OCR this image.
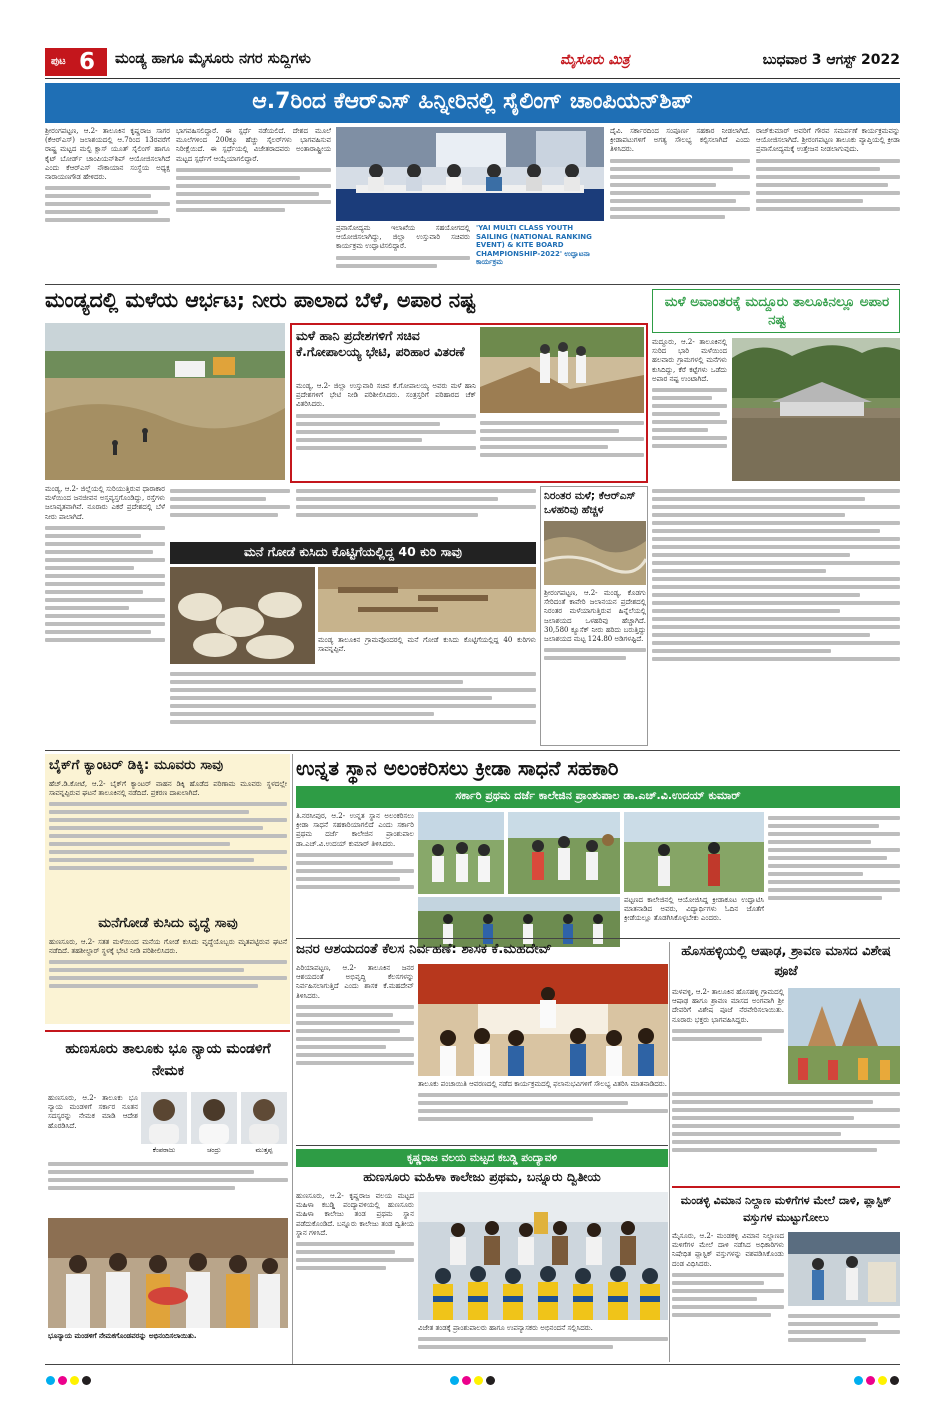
ಪುಟ 6 ಮಂಡ್ಯ ಹಾಗೂ ಮೈಸೂರು ನಗರ ಸುದ್ದಿಗಳು	ಮೈಸೂರು ಮಿತ್ರ	ಬುಧವಾರ 3 ಆಗಸ್ಟ್ 2022
ಆ.7ರಿಂದ ಕೆಆರ್‌ಎಸ್ ಹಿನ್ನೀರಿನಲ್ಲಿ ಸೈಲಿಂಗ್ ಚಾಂಪಿಯನ್‌ಶಿಪ್
ಶ್ರೀರಂಗಪಟ್ಟಣ, ಆ.2- ತಾಲೂಕಿನ ಕೃಷ್ಣರಾಜ ಸಾಗರ (ಕೆಆರ್‌ಎಸ್) ಜಲಾಶಯದಲ್ಲಿ ಆ.7ರಿಂದ 13ರವರೆಗೆ ರಾಷ್ಟ್ರ ಮಟ್ಟದ ಮಲ್ಟಿ ಕ್ಲಾಸ್ ಯೂತ್ ಸೈಲಿಂಗ್ ಹಾಗೂ ಕೈಟ್ ಬೋರ್ಡ್ ಚಾಂಪಿಯನ್‌ಶಿಪ್ ಆಯೋಜಿಸಲಾಗಿದೆ ಎಂದು ಕೆಆರ್‌ಎಸ್ ನೌಕಾಯಾನ ಸಂಸ್ಥೆಯ ಅಧ್ಯಕ್ಷ ನಾರಾಯಣಗೌಡ ಹೇಳಿದರು.
ಭಾಗವಹಿಸಲಿದ್ದಾರೆ. ಈ ಸ್ಪರ್ಧೆ ನಡೆಯಲಿದೆ. ದೇಶದ ಮೂಲೆ ಮೂಲೆಗಳಿಂದ 200ಕ್ಕೂ ಹೆಚ್ಚು ಸೈಲರ್‌ಗಳು ಭಾಗವಹಿಸುವ ನಿರೀಕ್ಷೆಯಿದೆ. ಈ ಸ್ಪರ್ಧೆಯಲ್ಲಿ ವಿಜೇತರಾದವರು ಅಂತಾರಾಷ್ಟ್ರೀಯ ಮಟ್ಟದ ಸ್ಪರ್ಧೆಗೆ ಆಯ್ಕೆಯಾಗಲಿದ್ದಾರೆ.
ಪ್ರವಾಸೋದ್ಯಮ ಇಲಾಖೆಯ ಸಹಯೋಗದಲ್ಲಿ ಆಯೋಜಿಸಲಾಗಿದ್ದು, ಜಿಲ್ಲಾ ಉಸ್ತುವಾರಿ ಸಚಿವರು ಕಾರ್ಯಕ್ರಮ ಉದ್ಘಾಟಿಸಲಿದ್ದಾರೆ.
'YAI MULTI CLASS YOUTH SAILING (NATIONAL RANKING EVENT) & KITE BOARD CHAMPIONSHIP-2022' ಉದ್ಘಾಟನಾ ಕಾರ್ಯಕ್ರಮ
ದೈವಿ. ಸರ್ಕಾರದಿಂದ ಸಂಪೂರ್ಣ ಸಹಕಾರ ನೀಡಲಾಗಿದೆ. ಕ್ರೀಡಾಪಟುಗಳಿಗೆ ಅಗತ್ಯ ಸೌಲಭ್ಯ ಕಲ್ಪಿಸಲಾಗಿದೆ ಎಂದು ತಿಳಿಸಿದರು.
ರಾಜ್‌ಕುಮಾರ್ ಅವರಿಗೆ ಗೌರವ ಸಮರ್ಪಣೆ ಕಾರ್ಯಕ್ರಮವನ್ನು ಆಯೋಜಿಸಲಾಗಿದೆ. ಶ್ರೀರಂಗಪಟ್ಟಣ ತಾಲೂಕು ವ್ಯಾಪ್ತಿಯಲ್ಲಿ ಕ್ರೀಡಾ ಪ್ರವಾಸೋದ್ಯಮಕ್ಕೆ ಉತ್ತೇಜನ ನೀಡಲಾಗುವುದು.
ಮಂಡ್ಯದಲ್ಲಿ ಮಳೆಯ ಆರ್ಭಟ; ನೀರು ಪಾಲಾದ ಬೆಳೆ, ಅಪಾರ ನಷ್ಟ
ಮಳೆ ಹಾನಿ ಪ್ರದೇಶಗಳಿಗೆ ಸಚಿವ ಕೆ.ಗೋಪಾಲಯ್ಯ ಭೇಟಿ, ಪರಿಹಾರ ವಿತರಣೆ
ಮಂಡ್ಯ, ಆ.2- ಜಿಲ್ಲಾ ಉಸ್ತುವಾರಿ ಸಚಿವ ಕೆ.ಗೋಪಾಲಯ್ಯ ಅವರು ಮಳೆ ಹಾನಿ ಪ್ರದೇಶಗಳಿಗೆ ಭೇಟಿ ನೀಡಿ ಪರಿಶೀಲಿಸಿದರು. ಸಂತ್ರಸ್ತರಿಗೆ ಪರಿಹಾರದ ಚೆಕ್ ವಿತರಿಸಿದರು.
ಮಳೆ ಅವಾಂತರಕ್ಕೆ ಮದ್ದೂರು ತಾಲೂಕಿನಲ್ಲೂ ಅಪಾರ ನಷ್ಟ
ಮದ್ದೂರು, ಆ.2- ತಾಲೂಕಿನಲ್ಲಿ ಸುರಿದ ಭಾರಿ ಮಳೆಯಿಂದ ಹಲವಾರು ಗ್ರಾಮಗಳಲ್ಲಿ ಮನೆಗಳು ಕುಸಿದಿದ್ದು, ಕೆರೆ ಕಟ್ಟೆಗಳು ಒಡೆದು ಅಪಾರ ನಷ್ಟ ಉಂಟಾಗಿದೆ.
ಮಂಡ್ಯ, ಆ.2- ಜಿಲ್ಲೆಯಲ್ಲಿ ಸುರಿಯುತ್ತಿರುವ ಧಾರಾಕಾರ ಮಳೆಯಿಂದ ಜನಜೀವನ ಅಸ್ತವ್ಯಸ್ತಗೊಂಡಿದ್ದು, ರಸ್ತೆಗಳು ಜಲಾವೃತವಾಗಿವೆ. ನೂರಾರು ಎಕರೆ ಪ್ರದೇಶದಲ್ಲಿ ಬೆಳೆ ನೀರು ಪಾಲಾಗಿದೆ.
ಮನೆ ಗೋಡೆ ಕುಸಿದು ಕೊಟ್ಟಿಗೆಯಲ್ಲಿದ್ದ 40 ಕುರಿ ಸಾವು
ಮಂಡ್ಯ ತಾಲೂಕಿನ ಗ್ರಾಮವೊಂದರಲ್ಲಿ ಮನೆ ಗೋಡೆ ಕುಸಿದು ಕೊಟ್ಟಿಗೆಯಲ್ಲಿದ್ದ 40 ಕುರಿಗಳು ಸಾವನ್ನಪ್ಪಿವೆ.
ನಿರಂತರ ಮಳೆ; ಕೆಆರ್‌ಎಸ್ ಒಳಹರಿವು ಹೆಚ್ಚಳ
ಶ್ರೀರಂಗಪಟ್ಟಣ, ಆ.2- ಮಂಡ್ಯ, ಕೊಡಗು ಸೇರಿದಂತೆ ಕಾವೇರಿ ಜಲಾನಯನ ಪ್ರದೇಶದಲ್ಲಿ ನಿರಂತರ ಮಳೆಯಾಗುತ್ತಿರುವ ಹಿನ್ನೆಲೆಯಲ್ಲಿ ಜಲಾಶಯದ ಒಳಹರಿವು ಹೆಚ್ಚಾಗಿದೆ. 30,580 ಕ್ಯೂಸೆಕ್ ನೀರು ಹರಿದು ಬರುತ್ತಿದ್ದು ಜಲಾಶಯದ ಮಟ್ಟ 124.80 ಅಡಿಗಳಷ್ಟಿದೆ.
ಬೈಕ್‌ಗೆ ಕ್ಯಾಂಟರ್ ಡಿಕ್ಕಿ: ಮೂವರು ಸಾವು
ಹೆಚ್.ಡಿ.ಕೋಟೆ, ಆ.2- ಬೈಕ್‌ಗೆ ಕ್ಯಾಂಟರ್ ವಾಹನ ಡಿಕ್ಕಿ ಹೊಡೆದ ಪರಿಣಾಮ ಮೂವರು ಸ್ಥಳದಲ್ಲೇ ಸಾವನ್ನಪ್ಪಿರುವ ಘಟನೆ ತಾಲೂಕಿನಲ್ಲಿ ನಡೆದಿದೆ. ಪ್ರಕರಣ ದಾಖಲಾಗಿದೆ.
ಮನೆಗೋಡೆ ಕುಸಿದು ವೃದ್ಧೆ ಸಾವು
ಹುಣಸೂರು, ಆ.2- ಸತತ ಮಳೆಯಿಂದ ಮನೆಯ ಗೋಡೆ ಕುಸಿದು ವೃದ್ಧೆಯೊಬ್ಬರು ಮೃತಪಟ್ಟಿರುವ ಘಟನೆ ನಡೆದಿದೆ. ತಹಶೀಲ್ದಾರ್ ಸ್ಥಳಕ್ಕೆ ಭೇಟಿ ನೀಡಿ ಪರಿಶೀಲಿಸಿದರು.
ಹುಣಸೂರು ತಾಲೂಕು ಭೂ ನ್ಯಾಯ ಮಂಡಳಿಗೆ ನೇಮಕ
ಹುಣಸೂರು, ಆ.2- ತಾಲೂಕು ಭೂ ನ್ಯಾಯ ಮಂಡಳಿಗೆ ಸರ್ಕಾರ ನೂತನ ಸದಸ್ಯರನ್ನು ನೇಮಕ ಮಾಡಿ ಆದೇಶ ಹೊರಡಿಸಿದೆ.
ಕೆಂಪರಾಜು	ಚಂದ್ರು	ಮುತ್ತಪ್ಪ
ಭೂನ್ಯಾಯ ಮಂಡಳಿಗೆ ನೇಮಕಗೊಂಡವರನ್ನು ಅಭಿನಂದಿಸಲಾಯಿತು.
ಉನ್ನತ ಸ್ಥಾನ ಅಲಂಕರಿಸಲು ಕ್ರೀಡಾ ಸಾಧನೆ ಸಹಕಾರಿ
ಸರ್ಕಾರಿ ಪ್ರಥಮ ದರ್ಜೆ ಕಾಲೇಜಿನ ಪ್ರಾಂಶುಪಾಲ ಡಾ.ಎಚ್.ವಿ.ಉದಯ್ ಕುಮಾರ್
ತಿ.ನರಸೀಪುರ, ಆ.2- ಉನ್ನತ ಸ್ಥಾನ ಅಲಂಕರಿಸಲು ಕ್ರೀಡಾ ಸಾಧನೆ ಸಹಕಾರಿಯಾಗಲಿದೆ ಎಂದು ಸರ್ಕಾರಿ ಪ್ರಥಮ ದರ್ಜೆ ಕಾಲೇಜಿನ ಪ್ರಾಂಶುಪಾಲ ಡಾ.ಎಚ್.ವಿ.ಉದಯ್ ಕುಮಾರ್ ತಿಳಿಸಿದರು.
ಪಟ್ಟಣದ ಕಾಲೇಜಿನಲ್ಲಿ ಆಯೋಜಿಸಿದ್ದ ಕ್ರೀಡಾಕೂಟ ಉದ್ಘಾಟಿಸಿ ಮಾತನಾಡಿದ ಅವರು, ವಿದ್ಯಾರ್ಥಿಗಳು ಓದಿನ ಜೊತೆಗೆ ಕ್ರೀಡೆಯಲ್ಲೂ ತೊಡಗಿಸಿಕೊಳ್ಳಬೇಕು ಎಂದರು.
ಜನರ ಆಶಯದಂತೆ ಕೆಲಸ ನಿರ್ವಹಣೆ: ಶಾಸಕ ಕೆ.ಮಹದೇವ್
ಪಿರಿಯಾಪಟ್ಟಣ, ಆ.2- ತಾಲೂಕಿನ ಜನರ ಆಶಯದಂತೆ ಅಭಿವೃದ್ಧಿ ಕೆಲಸಗಳನ್ನು ನಿರ್ವಹಿಸಲಾಗುತ್ತಿದೆ ಎಂದು ಶಾಸಕ ಕೆ.ಮಹದೇವ್ ತಿಳಿಸಿದರು.
ತಾಲೂಕು ಪಂಚಾಯಿತಿ ಆವರಣದಲ್ಲಿ ನಡೆದ ಕಾರ್ಯಕ್ರಮದಲ್ಲಿ ಫಲಾನುಭವಿಗಳಿಗೆ ಸೌಲಭ್ಯ ವಿತರಿಸಿ ಮಾತನಾಡಿದರು.
ಹೊಸಹಳ್ಳಿಯಲ್ಲಿ ಆಷಾಢ, ಶ್ರಾವಣ ಮಾಸದ ವಿಶೇಷ ಪೂಜೆ
ಮಳವಳ್ಳಿ, ಆ.2- ತಾಲೂಕಿನ ಹೊಸಹಳ್ಳಿ ಗ್ರಾಮದಲ್ಲಿ ಆಷಾಢ ಹಾಗೂ ಶ್ರಾವಣ ಮಾಸದ ಅಂಗವಾಗಿ ಶ್ರೀ ದೇವರಿಗೆ ವಿಶೇಷ ಪೂಜೆ ನೆರವೇರಿಸಲಾಯಿತು. ನೂರಾರು ಭಕ್ತರು ಭಾಗವಹಿಸಿದ್ದರು.
ಕೃಷ್ಣರಾಜ ವಲಯ ಮಟ್ಟದ ಕಬಡ್ಡಿ ಪಂದ್ಯಾವಳಿ
ಹುಣಸೂರು ಮಹಿಳಾ ಕಾಲೇಜು ಪ್ರಥಮ, ಬನ್ನೂರು ದ್ವಿತೀಯ
ಹುಣಸೂರು, ಆ.2- ಕೃಷ್ಣರಾಜ ವಲಯ ಮಟ್ಟದ ಮಹಿಳಾ ಕಬಡ್ಡಿ ಪಂದ್ಯಾವಳಿಯಲ್ಲಿ ಹುಣಸೂರು ಮಹಿಳಾ ಕಾಲೇಜು ತಂಡ ಪ್ರಥಮ ಸ್ಥಾನ ಪಡೆದುಕೊಂಡಿದೆ. ಬನ್ನೂರು ಕಾಲೇಜು ತಂಡ ದ್ವಿತೀಯ ಸ್ಥಾನ ಗಳಿಸಿದೆ.
ವಿಜೇತ ತಂಡಕ್ಕೆ ಪ್ರಾಂಶುಪಾಲರು ಹಾಗೂ ಉಪನ್ಯಾಸಕರು ಅಭಿನಂದನೆ ಸಲ್ಲಿಸಿದರು.
ಮಂಡಳ್ಳಿ ವಿಮಾನ ನಿಲ್ದಾಣ ಮಳಿಗೆಗಳ ಮೇಲೆ ದಾಳಿ, ಪ್ಲಾಸ್ಟಿಕ್ ವಸ್ತುಗಳ ಮುಟ್ಟುಗೋಲು
ಮೈಸೂರು, ಆ.2- ಮಂಡಕಳ್ಳಿ ವಿಮಾನ ನಿಲ್ದಾಣದ ಮಳಿಗೆಗಳ ಮೇಲೆ ದಾಳಿ ನಡೆಸಿದ ಅಧಿಕಾರಿಗಳು ನಿಷೇಧಿತ ಪ್ಲಾಸ್ಟಿಕ್ ವಸ್ತುಗಳನ್ನು ವಶಪಡಿಸಿಕೊಂಡು ದಂಡ ವಿಧಿಸಿದರು.
